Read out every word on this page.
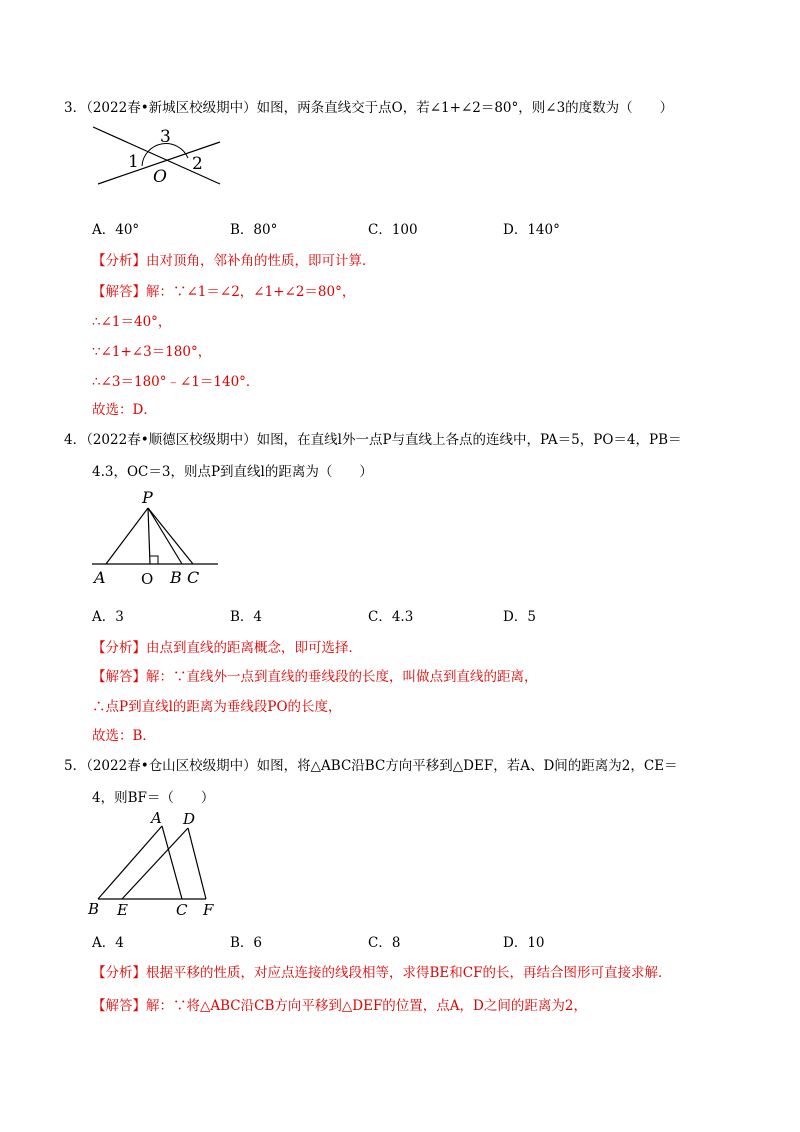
3．（2022春•新城区校级期中）如图，两条直线交于点O，若∠1+∠2＝80°，则∠3的度数为（　　）
3
1	2
O
A．40°	B．80°	C．100	D．140°
【分析】由对顶角，邻补角的性质，即可计算．
【解答】解：∵∠1＝∠2，∠1+∠2＝80°，
∴∠1＝40°，
∵∠1+∠3＝180°，
∴∠3＝180°﹣∠1＝140°．
故选：D．
4．（2022春•顺德区校级期中）如图，在直线l外一点P与直线上各点的连线中，PA＝5，PO＝4，PB＝
4.3，OC＝3，则点P到直线l的距离为（　　）
P
A O B C
A．3	B．4	C．4.3	D．5
【分析】由点到直线的距离概念，即可选择．
【解答】解：∵直线外一点到直线的垂线段的长度，叫做点到直线的距离，
∴点P到直线l的距离为垂线段PO的长度，
故选：B．
5．（2022春•仓山区校级期中）如图，将△ABC沿BC方向平移到△DEF，若A、D间的距离为2，CE＝
4，则BF＝（　　）
A D
B E	C F
A．4	B．6	C．8	D．10
【分析】根据平移的性质，对应点连接的线段相等，求得BE和CF的长，再结合图形可直接求解．
【解答】解：∵将△ABC沿CB方向平移到△DEF的位置，点A，D之间的距离为2，
